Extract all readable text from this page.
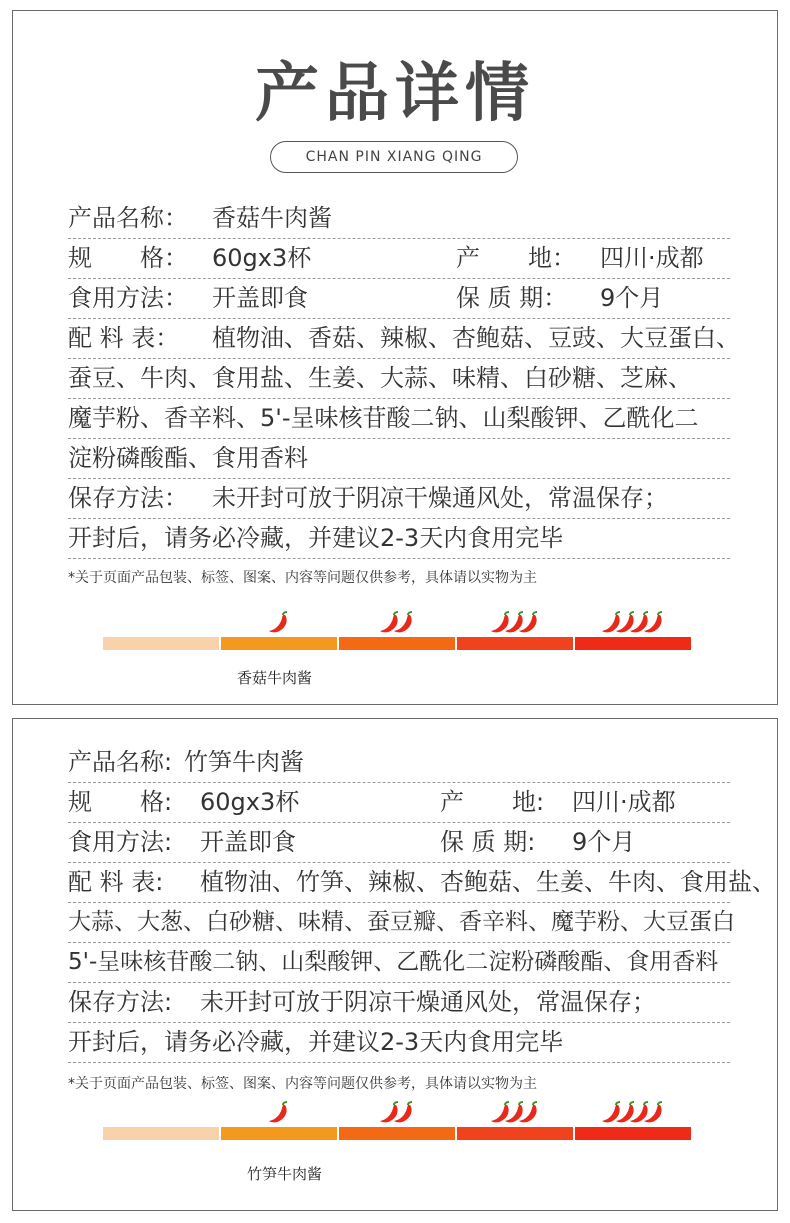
产品详情
CHAN PIN XIANG QING
产品名称： 香菇牛肉酱
规　　格： 60gx3杯	产　　地： 四川·成都
食用方法： 开盖即食	保 质 期： 9个月
配 料 表： 植物油、香菇、辣椒、杏鲍菇、豆豉、大豆蛋白、
蚕豆、牛肉、食用盐、生姜、大蒜、味精、白砂糖、芝麻、
魔芋粉、香辛料、5'-呈味核苷酸二钠、山梨酸钾、乙酰化二
淀粉磷酸酯、食用香料
保存方法： 未开封可放于阴凉干燥通风处，常温保存；
开封后，请务必冷藏，并建议2-3天内食用完毕
*关于页面产品包装、标签、图案、内容等问题仅供参考，具体请以实物为主
香菇牛肉酱
产品名称: 竹笋牛肉酱
规　　格: 60gx3杯	产　　地: 四川·成都
食用方法: 开盖即食	保 质 期: 9个月
配 料 表: 植物油、竹笋、辣椒、杏鲍菇、生姜、牛肉、食用盐、
大蒜、大葱、白砂糖、味精、蚕豆瓣、香辛料、魔芋粉、大豆蛋白
5'-呈味核苷酸二钠、山梨酸钾、乙酰化二淀粉磷酸酯、食用香料
保存方法: 未开封可放于阴凉干燥通风处，常温保存；
开封后，请务必冷藏，并建议2-3天内食用完毕
*关于页面产品包装、标签、图案、内容等问题仅供参考，具体请以实物为主
竹笋牛肉酱
